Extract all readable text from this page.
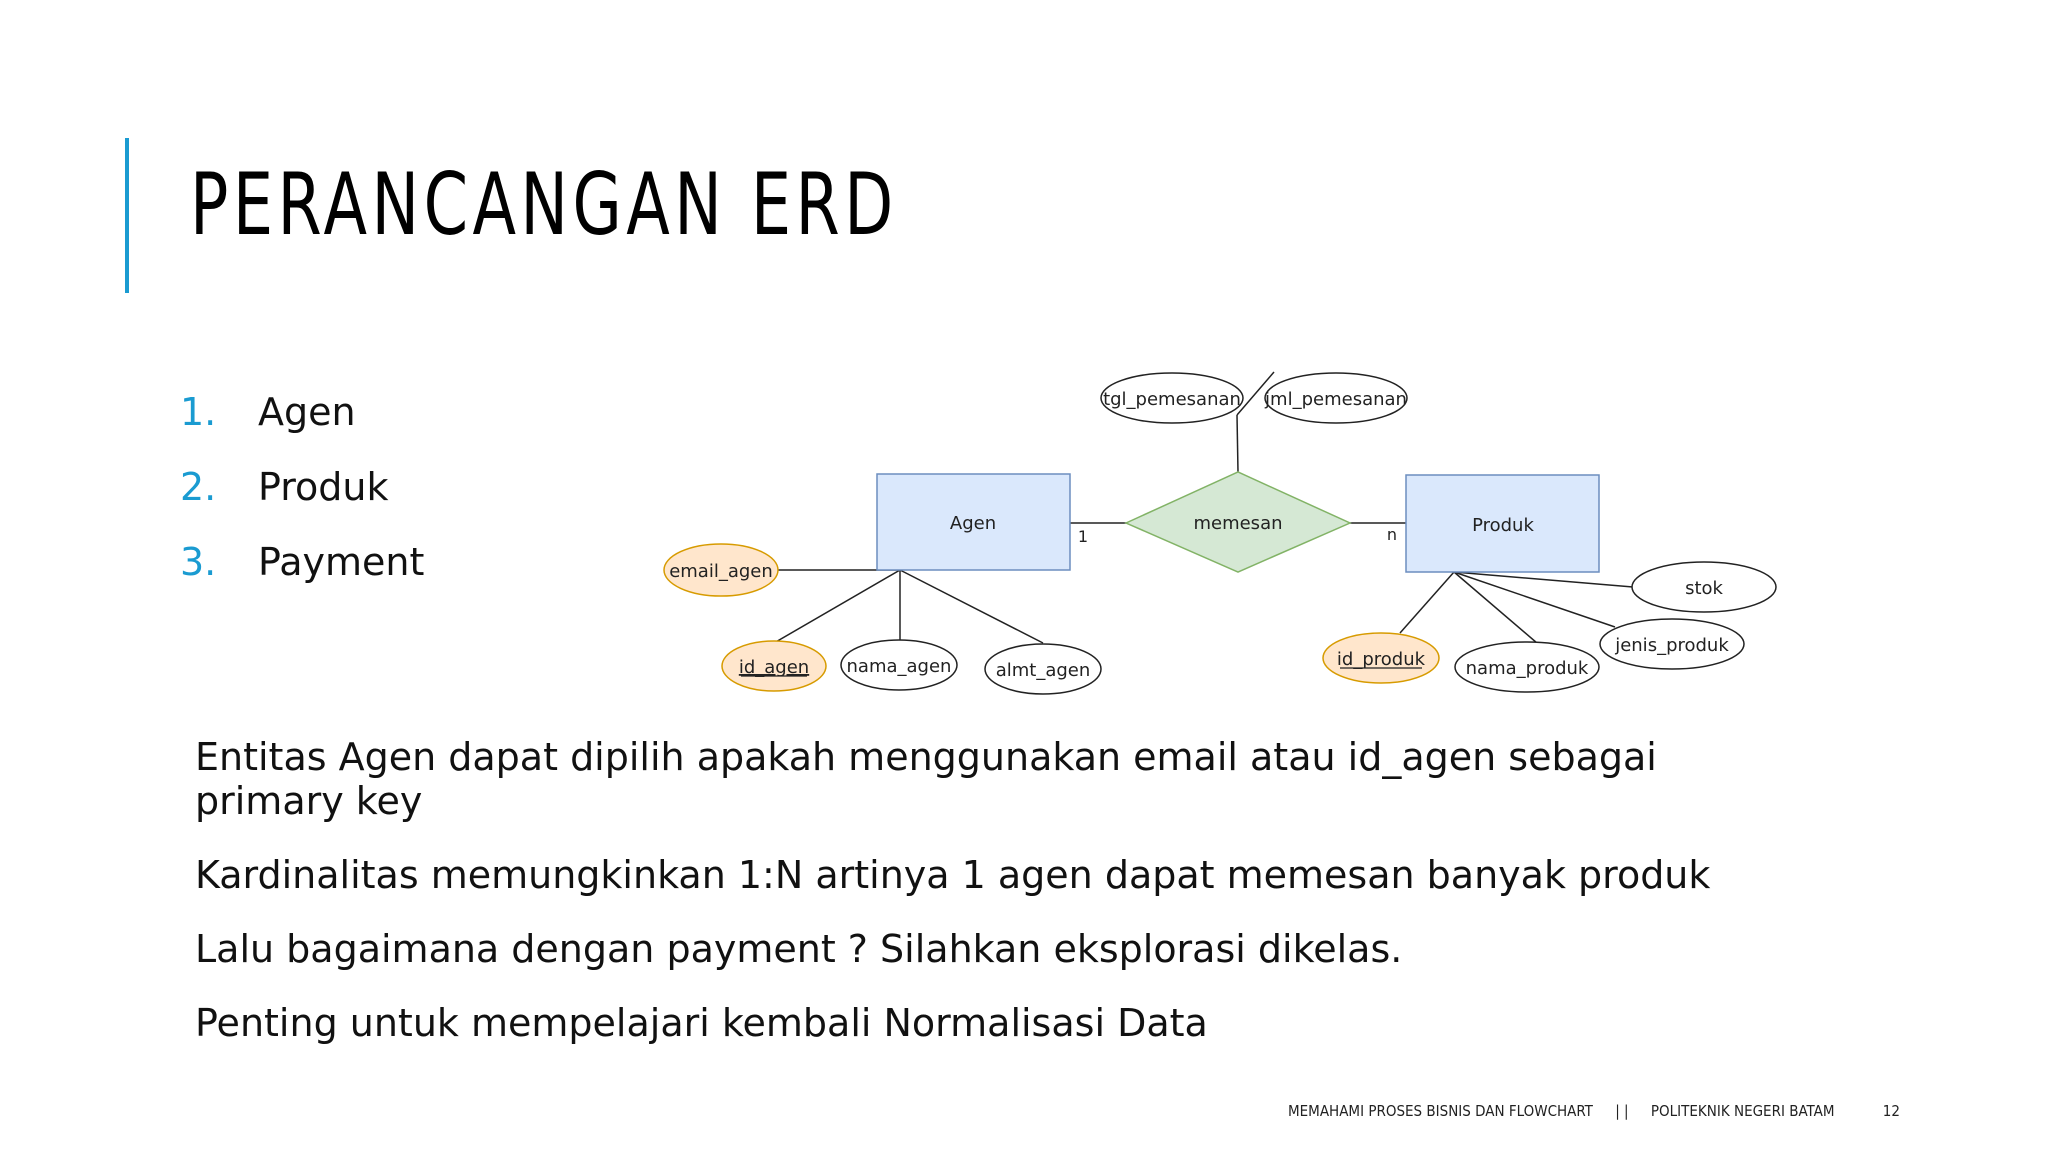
PERANCANGAN ERD
1.	Agen
2.	Produk
3.	Payment
tgl_pemesanan jml_pemesanan
Agen	Produk
memesan
1	n
email_agen
id_agen nama_agen almt_agen
stok
jenis_produk
nama_produk
id_produk

Entitas Agen dapat dipilih apakah menggunakan email atau id_agen sebagai primary key

Kardinalitas memungkinkan 1:N artinya 1 agen dapat memesan banyak produk

Lalu bagaimana dengan payment ? Silahkan eksplorasi dikelas.

Penting untuk mempelajari kembali Normalisasi Data

MEMAHAMI PROSES BISNIS DAN FLOWCHART | | POLITEKNIK NEGERI BATAM	12
